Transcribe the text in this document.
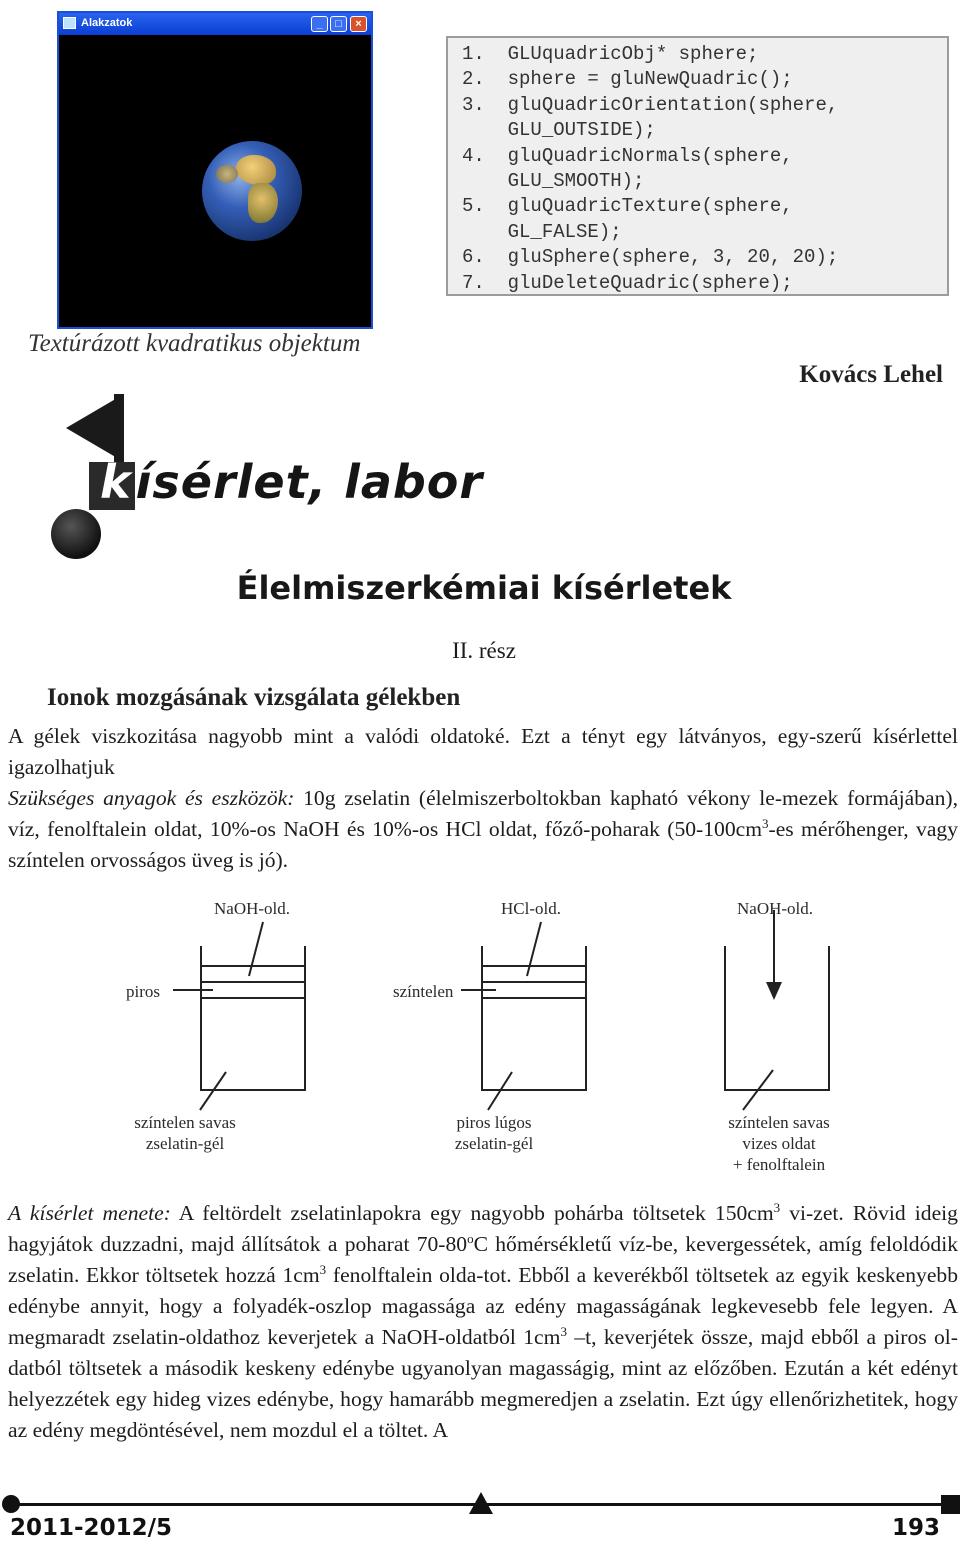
Alakzatok	_	□	×
1.  GLUquadricObj* sphere;
2.  sphere = gluNewQuadric();
3.  gluQuadricOrientation(sphere,
GLU_OUTSIDE);
4.  gluQuadricNormals(sphere,
GLU_SMOOTH);
5.  gluQuadricTexture(sphere,
GL_FALSE);
6.  gluSphere(sphere, 3, 20, 20);
7.  gluDeleteQuadric(sphere);
Textúrázott kvadratikus objektum
Kovács Lehel
kísérlet, labor
Élelmiszerkémiai kísérletek
II. rész
Ionok mozgásának vizsgálata gélekben
A gélek viszkozitása nagyobb mint a valódi oldatoké. Ezt a tényt egy látványos, egy-szerű kísérlettel igazolhatjuk
Szükséges anyagok és eszközök: 10g zselatin (élelmiszerboltokban kapható vékony le-mezek formájában), víz, fenolftalein oldat, 10%-os NaOH és 10%-os HCl oldat, főző-poharak ($50-100cm^3-es$ mérőhenger, vagy színtelen orvosságos üveg is jó).
NaOH-old.	HCl-old.	NaOH-old.
piros	színtelen
színtelen savas
zselatin-gél
piros lúgos
zselatin-gél
színtelen savas
vizes oldat
+ fenolftalein
A kísérlet menete: A feltördelt zselatinlapokra egy nagyobb pohárba töltsetek $150cm^3$ vi-zet. Rövid ideig hagyjátok duzzadni, majd állítsátok a poharat 70-80$^o$C hőmérsékletű víz-be, kevergessétek, amíg feloldódik zselatin. Ekkor töltsetek hozzá $1cm^3$ fenolftalein olda-tot. Ebből a keverékből töltsetek az egyik keskenyebb edénybe annyit, hogy a folyadék-oszlop magassága az edény magasságának legkevesebb fele legyen. A megmaradt zselatin-oldathoz keverjetek a NaOH-oldatból $1cm^3$ –t, keverjétek össze, majd ebből a piros ol-datból töltsetek a második keskeny edénybe ugyanolyan magasságig, mint az előzőben. Ezután a két edényt helyezzétek egy hideg vizes edénybe, hogy hamarább megmeredjen a zselatin. Ezt úgy ellenőrizhetitek, hogy az edény megdöntésével, nem mozdul el a töltet. A
2011-2012/5	193
